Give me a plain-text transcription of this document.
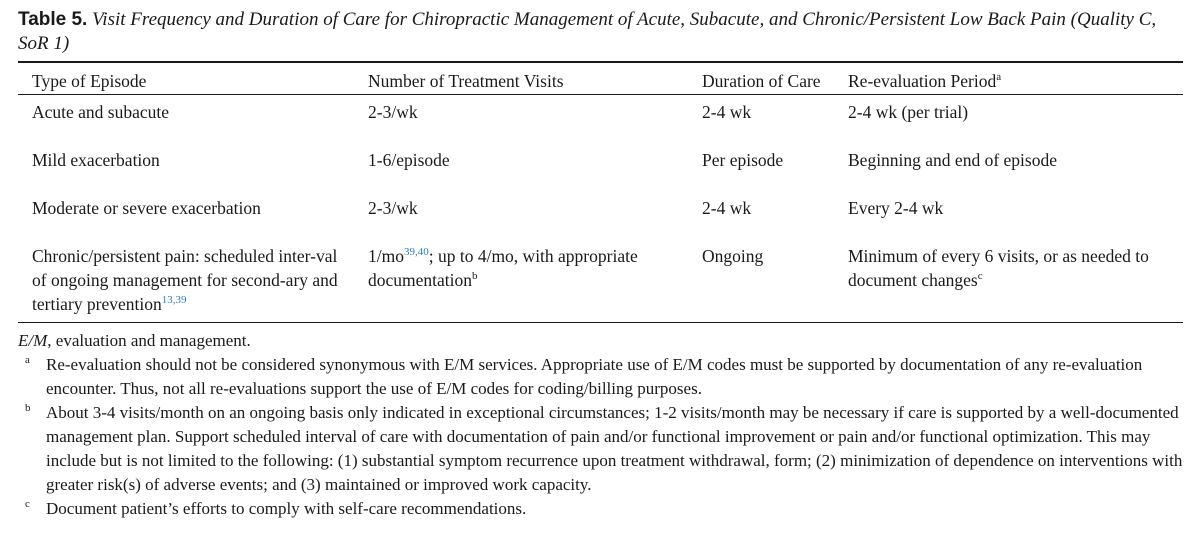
Table 5. Visit Frequency and Duration of Care for Chiropractic Management of Acute, Subacute, and Chronic/Persistent Low Back Pain (Quality C, SoR 1)
Type of Episode	Number of Treatment Visits	Duration of Care	Re-evaluation Period$^a$

Acute and subacute	2-3/wk	2-4 wk	2-4 wk (per trial)
Mild exacerbation	1-6/episode	Per episode	Beginning and end of episode
Moderate or severe exacerbation	2-3/wk	2-4 wk	Every 2-4 wk

Chronic/persistent pain: scheduled inter-val of ongoing management for second-ary and tertiary prevention$^{13,39}$	1/mo$^{39,40}$; up to 4/mo, with appropriate documentation$^b$	Ongoing	Minimum of every 6 visits, or as needed to document changes$^c$
E/M, evaluation and management.
a Re-evaluation should not be considered synonymous with E/M services. Appropriate use of E/M codes must be supported by documentation of any re-evaluation encounter. Thus, not all re-evaluations support the use of E/M codes for coding/billing purposes.
b About 3-4 visits/month on an ongoing basis only indicated in exceptional circumstances; 1-2 visits/month may be necessary if care is supported by a well-documented management plan. Support scheduled interval of care with documentation of pain and/or functional improvement or pain and/or functional optimization. This may include but is not limited to the following: (1) substantial symptom recurrence upon treatment withdrawal, form; (2) minimization of dependence on interventions with greater risk(s) of adverse events; and (3) maintained or improved work capacity.
c Document patient’s efforts to comply with self-care recommendations.
